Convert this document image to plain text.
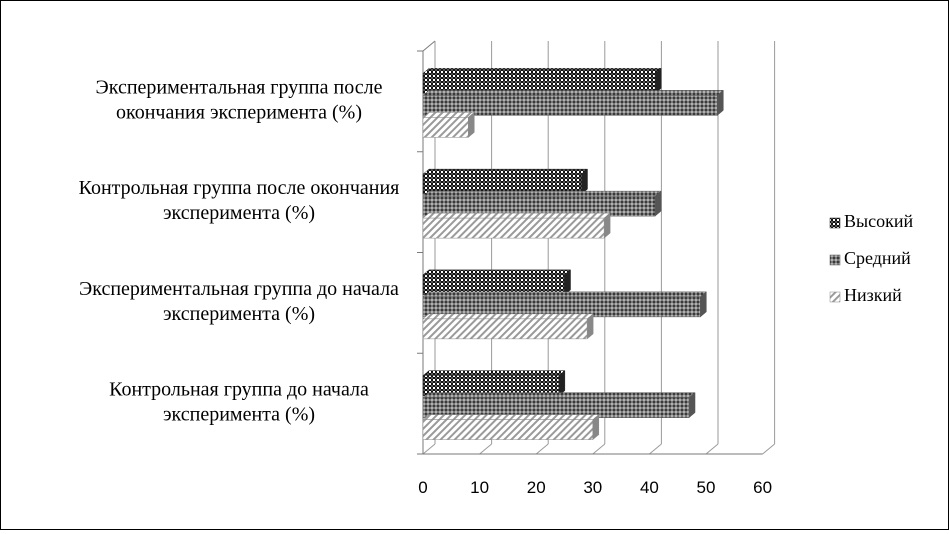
0 10 20 30 40 50 60
Контрольная группа до начала эксперимента (%)
Экспериментальная группа до начала эксперимента (%)
Контрольная группа после окончания эксперимента (%)
Экспериментальная группа после окончания эксперимента (%)
Высокий
Средний
Низкий
